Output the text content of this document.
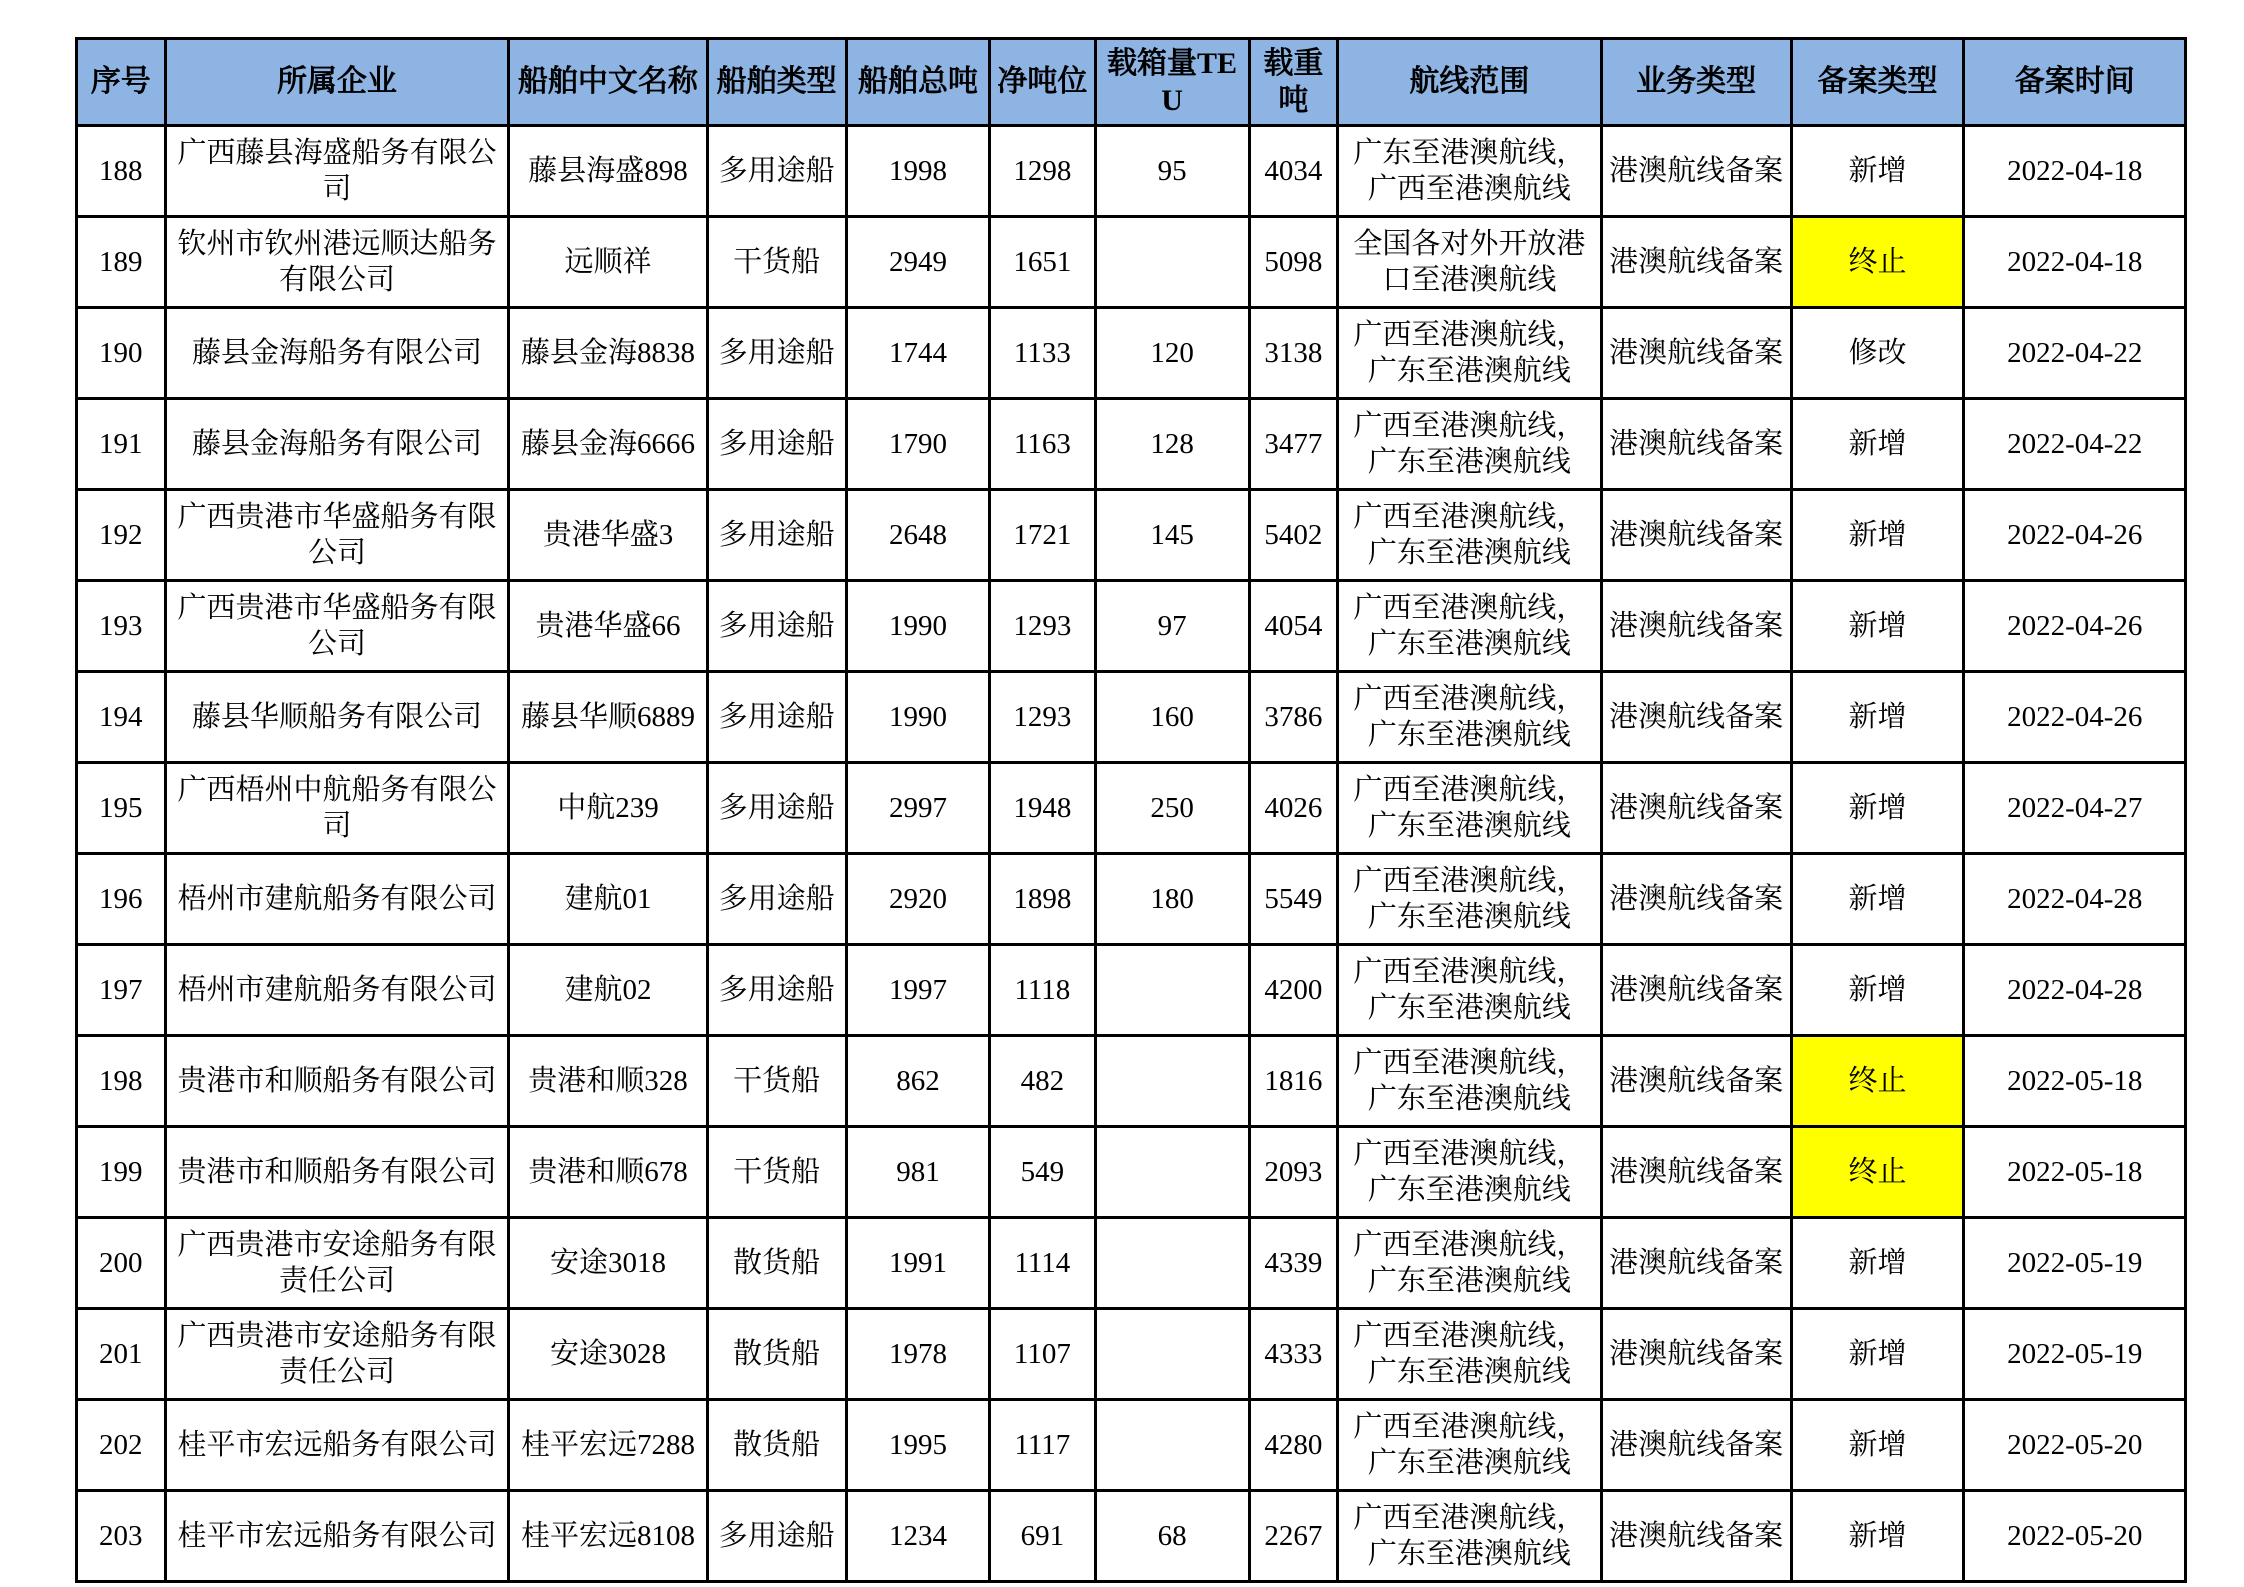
序号	所属企业	船舶中文名称	船舶类型	船舶总吨	净吨位	载箱量TEU	载重吨	航线范围	业务类型	备案类型	备案时间
188	广西藤县海盛船务有限公司	藤县海盛898	多用途船	1998	1298	95	4034	广东至港澳航线，广西至港澳航线	港澳航线备案	新增	2022-04-18
189	钦州市钦州港远顺达船务有限公司	远顺祥	干货船	2949	1651		5098	全国各对外开放港口至港澳航线	港澳航线备案	终止	2022-04-18
190	藤县金海船务有限公司	藤县金海8838	多用途船	1744	1133	120	3138	广西至港澳航线，广东至港澳航线	港澳航线备案	修改	2022-04-22
191	藤县金海船务有限公司	藤县金海6666	多用途船	1790	1163	128	3477	广西至港澳航线，广东至港澳航线	港澳航线备案	新增	2022-04-22
192	广西贵港市华盛船务有限公司	贵港华盛3	多用途船	2648	1721	145	5402	广西至港澳航线，广东至港澳航线	港澳航线备案	新增	2022-04-26
193	广西贵港市华盛船务有限公司	贵港华盛66	多用途船	1990	1293	97	4054	广西至港澳航线，广东至港澳航线	港澳航线备案	新增	2022-04-26
194	藤县华顺船务有限公司	藤县华顺6889	多用途船	1990	1293	160	3786	广西至港澳航线，广东至港澳航线	港澳航线备案	新增	2022-04-26
195	广西梧州中航船务有限公司	中航239	多用途船	2997	1948	250	4026	广西至港澳航线，广东至港澳航线	港澳航线备案	新增	2022-04-27
196	梧州市建航船务有限公司	建航01	多用途船	2920	1898	180	5549	广西至港澳航线，广东至港澳航线	港澳航线备案	新增	2022-04-28
197	梧州市建航船务有限公司	建航02	多用途船	1997	1118		4200	广西至港澳航线，广东至港澳航线	港澳航线备案	新增	2022-04-28
198	贵港市和顺船务有限公司	贵港和顺328	干货船	862	482		1816	广西至港澳航线，广东至港澳航线	港澳航线备案	终止	2022-05-18
199	贵港市和顺船务有限公司	贵港和顺678	干货船	981	549		2093	广西至港澳航线，广东至港澳航线	港澳航线备案	终止	2022-05-18
200	广西贵港市安途船务有限责任公司	安途3018	散货船	1991	1114		4339	广西至港澳航线，广东至港澳航线	港澳航线备案	新增	2022-05-19
201	广西贵港市安途船务有限责任公司	安途3028	散货船	1978	1107		4333	广西至港澳航线，广东至港澳航线	港澳航线备案	新增	2022-05-19
202	桂平市宏远船务有限公司	桂平宏远7288	散货船	1995	1117		4280	广西至港澳航线，广东至港澳航线	港澳航线备案	新增	2022-05-20
203	桂平市宏远船务有限公司	桂平宏远8108	多用途船	1234	691	68	2267	广西至港澳航线，广东至港澳航线	港澳航线备案	新增	2022-05-20
